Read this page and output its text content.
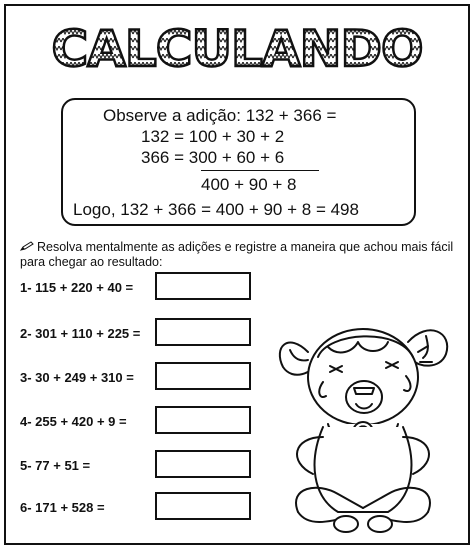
CALCULANDO
Observe a adição: 132 + 366 =
132 = 100 + 30 + 2
366 = 300 + 60 + 6
400 + 90 + 8
Logo, 132 + 366 = 400 + 90 + 8 = 498
Resolva mentalmente as adições e registre a maneira que achou mais fácil para chegar ao resultado:
1- 115 + 220 + 40 =
2- 301 + 110 + 225 =
3- 30 + 249 + 310 =
4- 255 + 420 + 9 =
5- 77 + 51 =
6- 171 + 528 =
